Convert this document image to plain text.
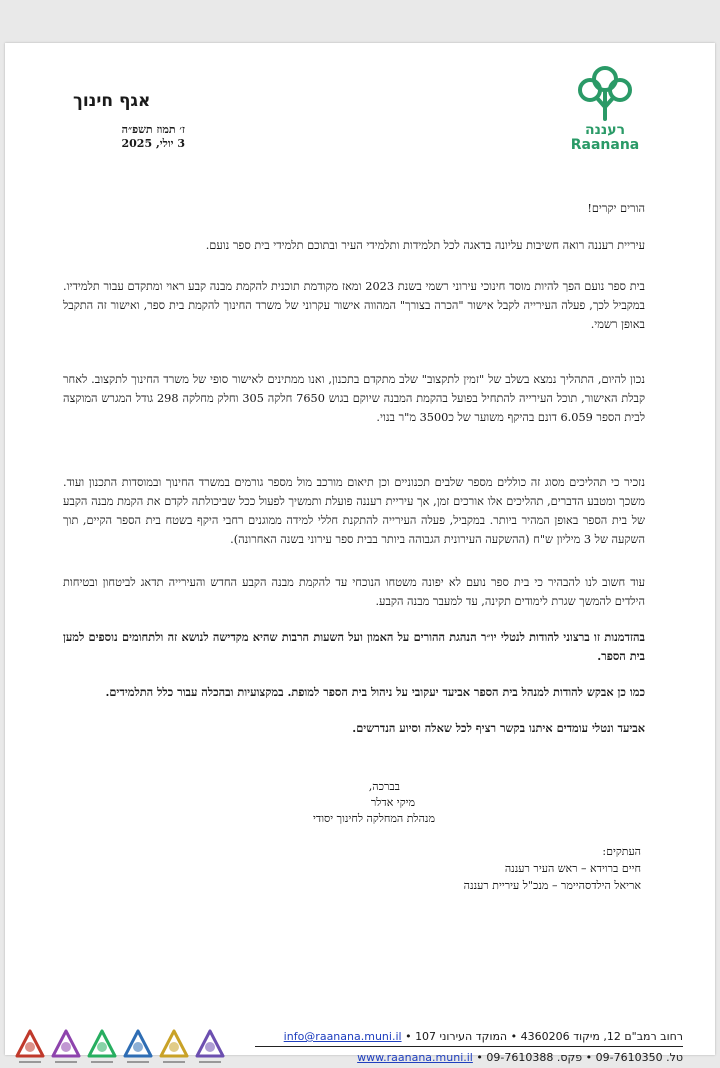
אגף חינוך
ז׳ תמוז תשפ״ה
3 יולי, 2025
רעננה
Raanana

הורים יקרים!

עיריית רעננה רואה חשיבות עליונה בדאגה לכל תלמידות ותלמידי העיר ובתוכם תלמידי בית ספר נועם.

בית ספר נועם הפך להיות מוסד חינוכי עירוני רשמי בשנת 2023 ומאז מקודמת תוכנית להקמת מבנה קבע ראוי ומתקדם עבור תלמידיו. במקביל לכך, פעלה העירייה לקבל אישור "הכרה בצורך" המהווה אישור עקרוני של משרד החינוך להקמת בית ספר, ואישור זה התקבל באופן רשמי.

נכון להיום, התהליך נמצא בשלב של "זמין לתקצוב" שלב מתקדם בתכנון, ואנו ממתינים לאישור סופי של משרד החינוך לתקצוב. לאחר קבלת האישור, תוכל העירייה להתחיל בפועל בהקמת המבנה שיוקם בגוש 7650 חלקה 305 וחלק מחלקה 298 גודל המגרש המוקצה לבית הספר 6.059 דונם בהיקף משוער של כ3500 מ"ר בנוי.

נזכיר כי תהליכים מסוג זה כוללים מספר שלבים תכנוניים וכן תיאום מורכב מול מספר גורמים במשרד החינוך ובמוסדות התכנון ועוד. משכך ומטבע הדברים, תהליכים אלו אורכים זמן, אך עיריית רעננה פועלת ותמשיך לפעול ככל שביכולתה לקדם את הקמת מבנה הקבע של בית הספר באופן המהיר ביותר. במקביל, פעלה העירייה להתקנת חללי למידה ממוגנים רחבי היקף בשטח בית הספר הקיים, תוך השקעה של 3 מיליון ש"ח (ההשקעה העירונית הגבוהה ביותר בבית ספר עירוני בשנה האחרונה).

עוד חשוב לנו להבהיר כי בית ספר נועם לא יפונה משטחו הנוכחי עד להקמת מבנה הקבע החדש והעירייה תדאג לביטחון ובטיחות הילדים להמשך שגרת לימודים תקינה, עד למעבר מבנה הקבע.

בהזדמנות זו ברצוני להודות לנטלי יו״ר הנהגת ההורים על האמון ועל השעות הרבות שהיא מקדישה לנושא זה ולתחומים נוספים למען בית הספר.

כמו כן אבקש להודות למנהל בית הספר אביעד יעקובי על ניהול בית הספר למופת. במקצועיות ובהכלה עבור כלל התלמידים.

אביעד ונטלי עומדים איתנו בקשר רציף לכל שאלה וסיוע הנדרשים.

בברכה,
מיקי אדלר
מנהלת המחלקה לחינוך יסודי
העתקים:
חיים ברוידא – ראש העיר רעננה
אריאל הילדסהיימר – מנכ"ל עיריית רעננה
רחוב רמב"ם 12, מיקוד 4360206 • המוקד העירוני 107 • info@raanana.muni.il
טל. 09-7610350 • פקס. 09-7610388 • www.raanana.muni.il
